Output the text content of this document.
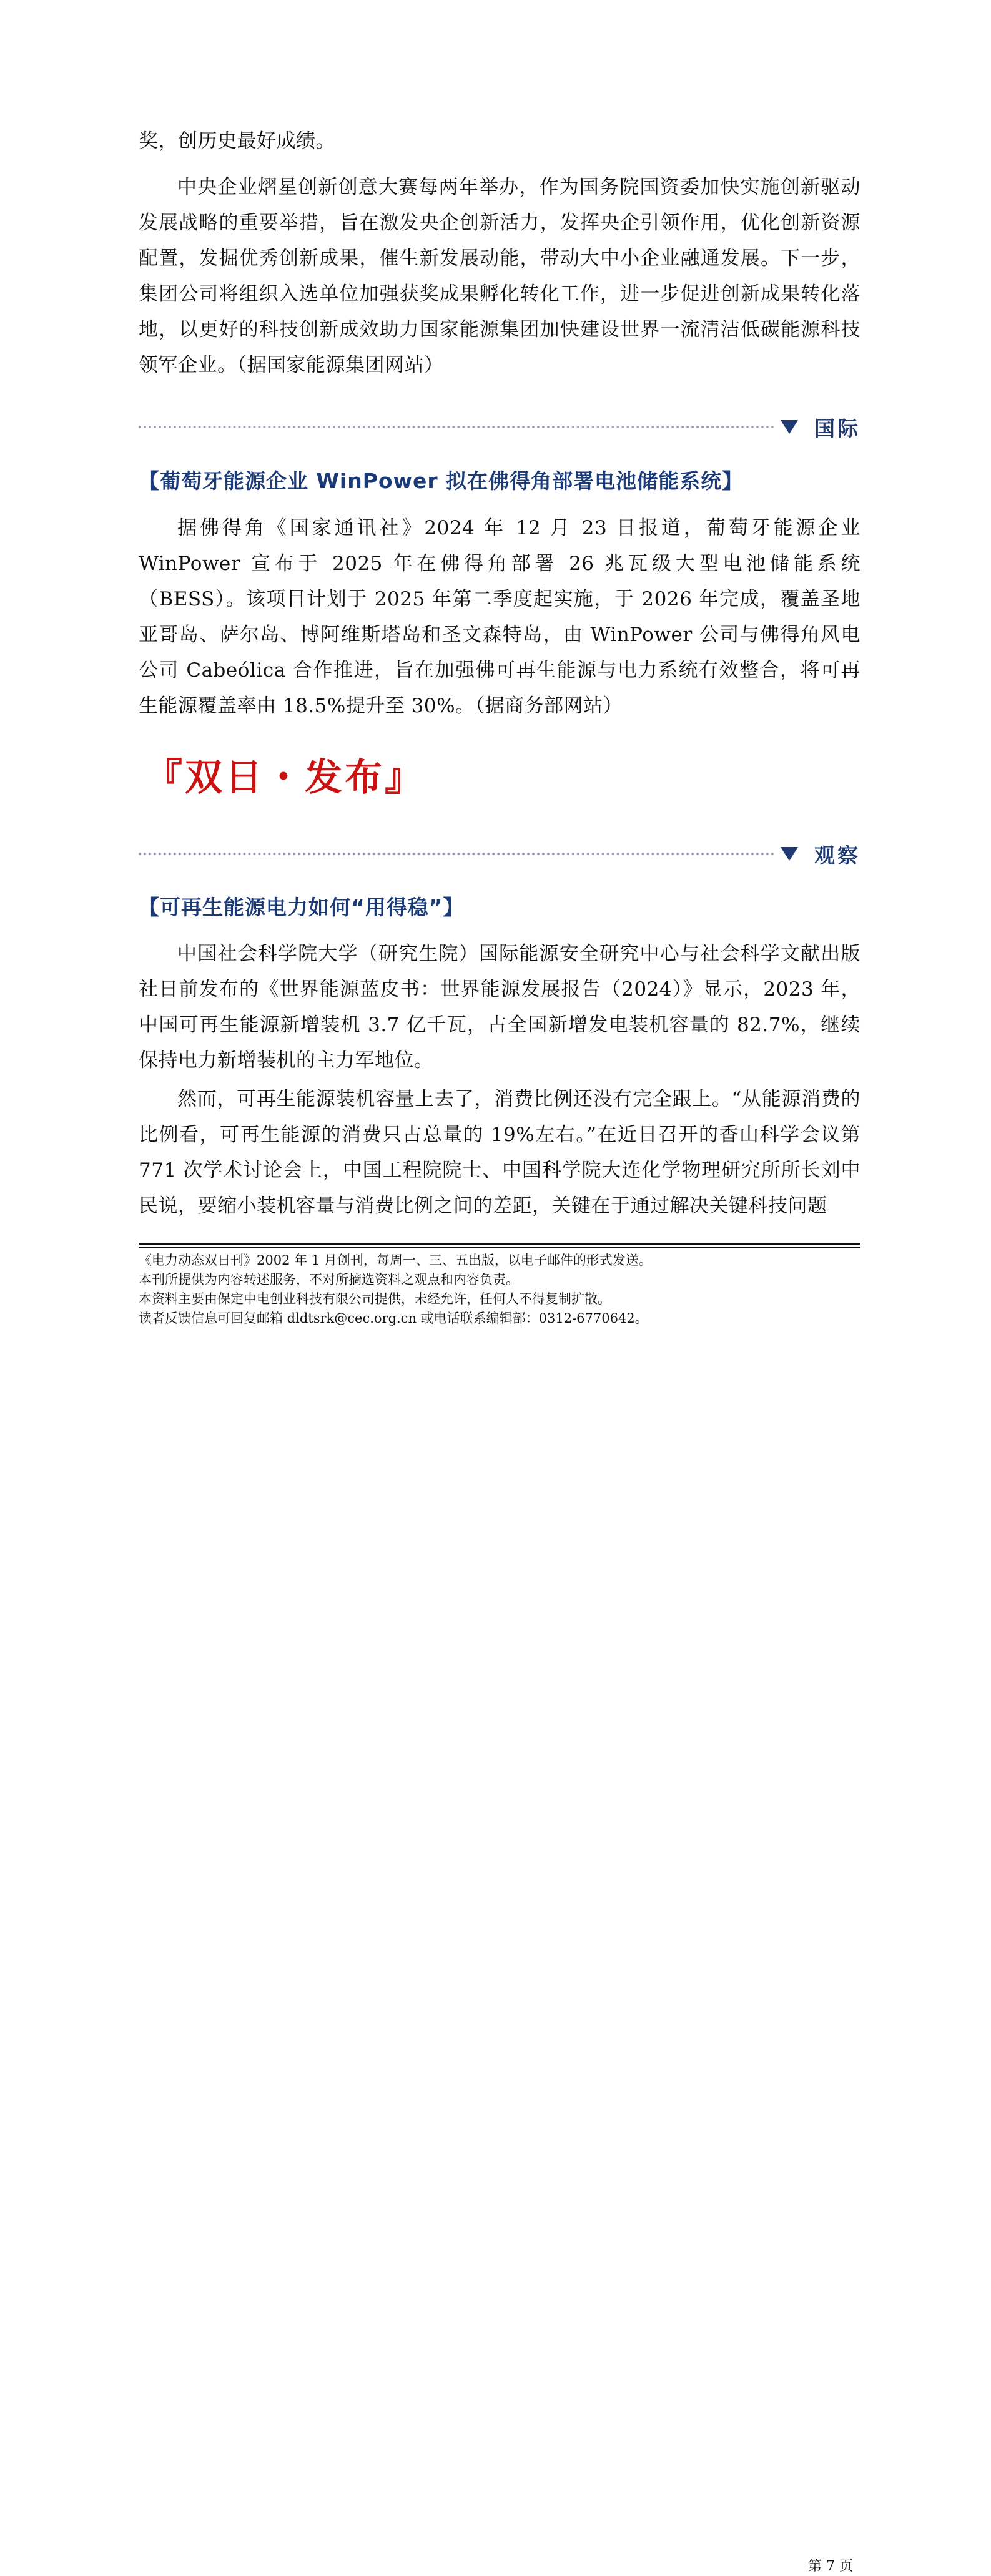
奖，创历史最好成绩。

中央企业熠星创新创意大赛每两年举办，作为国务院国资委加快实施创新驱动发展战略的重要举措，旨在激发央企创新活力，发挥央企引领作用，优化创新资源配置，发掘优秀创新成果，催生新发展动能，带动大中小企业融通发展。下一步，集团公司将组织入选单位加强获奖成果孵化转化工作，进一步促进创新成果转化落地，以更好的科技创新成效助力国家能源集团加快建设世界一流清洁低碳能源科技领军企业。（据国家能源集团网站）

国际
【葡萄牙能源企业 WinPower 拟在佛得角部署电池储能系统】

据佛得角《国家通讯社》2024 年 12 月 23 日报道，葡萄牙能源企业 WinPower 宣布于 2025 年在佛得角部署 26 兆瓦级大型电池储能系统（BESS）。该项目计划于 2025 年第二季度起实施，于 2026 年完成，覆盖圣地亚哥岛、萨尔岛、博阿维斯塔岛和圣文森特岛，由 WinPower 公司与佛得角风电公司 Cabeólica 合作推进，旨在加强佛可再生能源与电力系统有效整合，将可再生能源覆盖率由 18.5%提升至 30%。（据商务部网站）

『双日・发布』
观察
【可再生能源电力如何“用得稳”】

中国社会科学院大学（研究生院）国际能源安全研究中心与社会科学文献出版社日前发布的《世界能源蓝皮书：世界能源发展报告（2024）》显示，2023 年，中国可再生能源新增装机 3.7 亿千瓦，占全国新增发电装机容量的 82.7%，继续保持电力新增装机的主力军地位。

然而，可再生能源装机容量上去了，消费比例还没有完全跟上。“从能源消费的比例看，可再生能源的消费只占总量的 19%左右。”在近日召开的香山科学会议第 771 次学术讨论会上，中国工程院院士、中国科学院大连化学物理研究所所长刘中民说，要缩小装机容量与消费比例之间的差距，关键在于通过解决关键科技问题

《电力动态双日刊》2002 年 1 月创刊，每周一、三、五出版，以电子邮件的形式发送。

本刊所提供为内容转述服务，不对所摘选资料之观点和内容负责。

本资料主要由保定中电创业科技有限公司提供，未经允许，任何人不得复制扩散。

读者反馈信息可回复邮箱 dldtsrk@cec.org.cn 或电话联系编辑部：0312-6770642。

第 7 页
